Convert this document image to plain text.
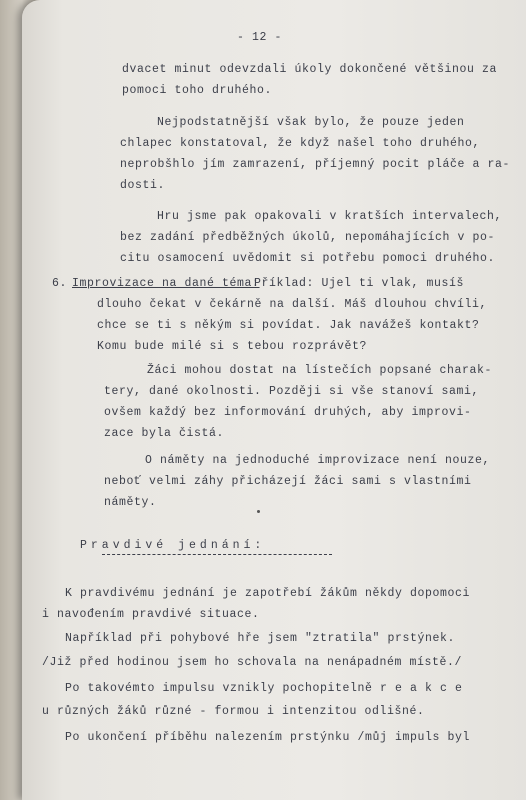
- 12 -
dvacet minut odevzdali úkoly dokončené většinou za
pomoci toho druhého.
Nejpodstatnější však bylo, že pouze jeden
chlapec konstatoval, že když našel toho druhého,
neprobšhlo jím zamrazení, příjemný pocit pláče a ra-
dosti.
Hru jsme pak opakovali v kratších intervalech,
bez zadání předběžných úkolů, nepomáhajících v po-
citu osamocení uvědomit si potřebu pomoci druhého.
6. Improvizace na dané téma:
Příklad: Ujel ti vlak, musíš
dlouho čekat v čekárně na další. Máš dlouhou chvíli,
chce se ti s někým si povídat. Jak navážeš kontakt?
Komu bude milé si s tebou rozprávět?
Žáci mohou dostat na lístečích popsané charak-
tery, dané okolnosti. Později si vše stanoví sami,
ovšem každý bez informování druhých, aby improvi-
zace byla čistá.
O náměty na jednoduché improvizace není nouze,
neboť velmi záhy přicházejí žáci sami s vlastními
náměty.
Pravdivé jednání:
K pravdivému jednání je zapotřebí žákům někdy dopomoci
i navođením pravdivé situace.
Například při pohybové hře jsem "ztratila" prstýnek.
/Již před hodinou jsem ho schovala na nenápadném místě./
Po takovémto impulsu vznikly pochopitelně r e a k c e
u různých žáků různé - formou i intenzitou odlišné.
Po ukončení příběhu nalezením prstýnku /můj impuls byl
